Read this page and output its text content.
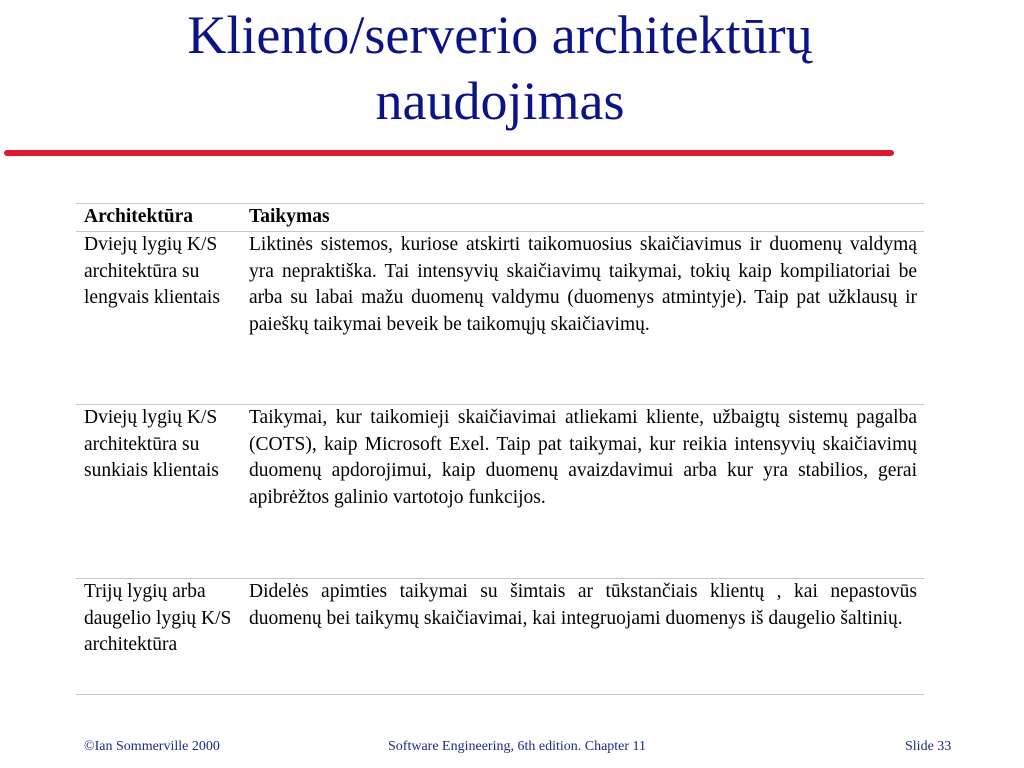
Kliento/serverio architektūrų
naudojimas
Architektūra	Taikymas
Dviejų lygių K/S architektūra su lengvais klientais	Liktinės sistemos, kuriose atskirti taikomuosius skaičiavimus ir duomenų valdymą yra nepraktiška. Tai intensyvių skaičiavimų taikymai, tokių kaip kompiliatoriai be arba su labai mažu duomenų valdymu (duomenys atmintyje). Taip pat užklausų ir paieškų taikymai beveik be taikomųjų skaičiavimų.
Dviejų lygių K/S architektūra su sunkiais klientais	Taikymai, kur taikomieji skaičiavimai atliekami kliente, užbaigtų sistemų pagalba (COTS), kaip Microsoft Exel. Taip pat taikymai, kur reikia intensyvių skaičiavimų duomenų apdorojimui, kaip duomenų avaizdavimui arba kur yra stabilios, gerai apibrėžtos galinio vartotojo funkcijos.
Trijų lygių arba daugelio lygių K/S architektūra	Didelės apimties taikymai su šimtais ar tūkstančiais klientų , kai nepastovūs duomenų bei taikymų skaičiavimai, kai integruojami duomenys iš daugelio šaltinių.
©Ian Sommerville 2000	Software Engineering, 6th edition. Chapter 11	Slide 33
